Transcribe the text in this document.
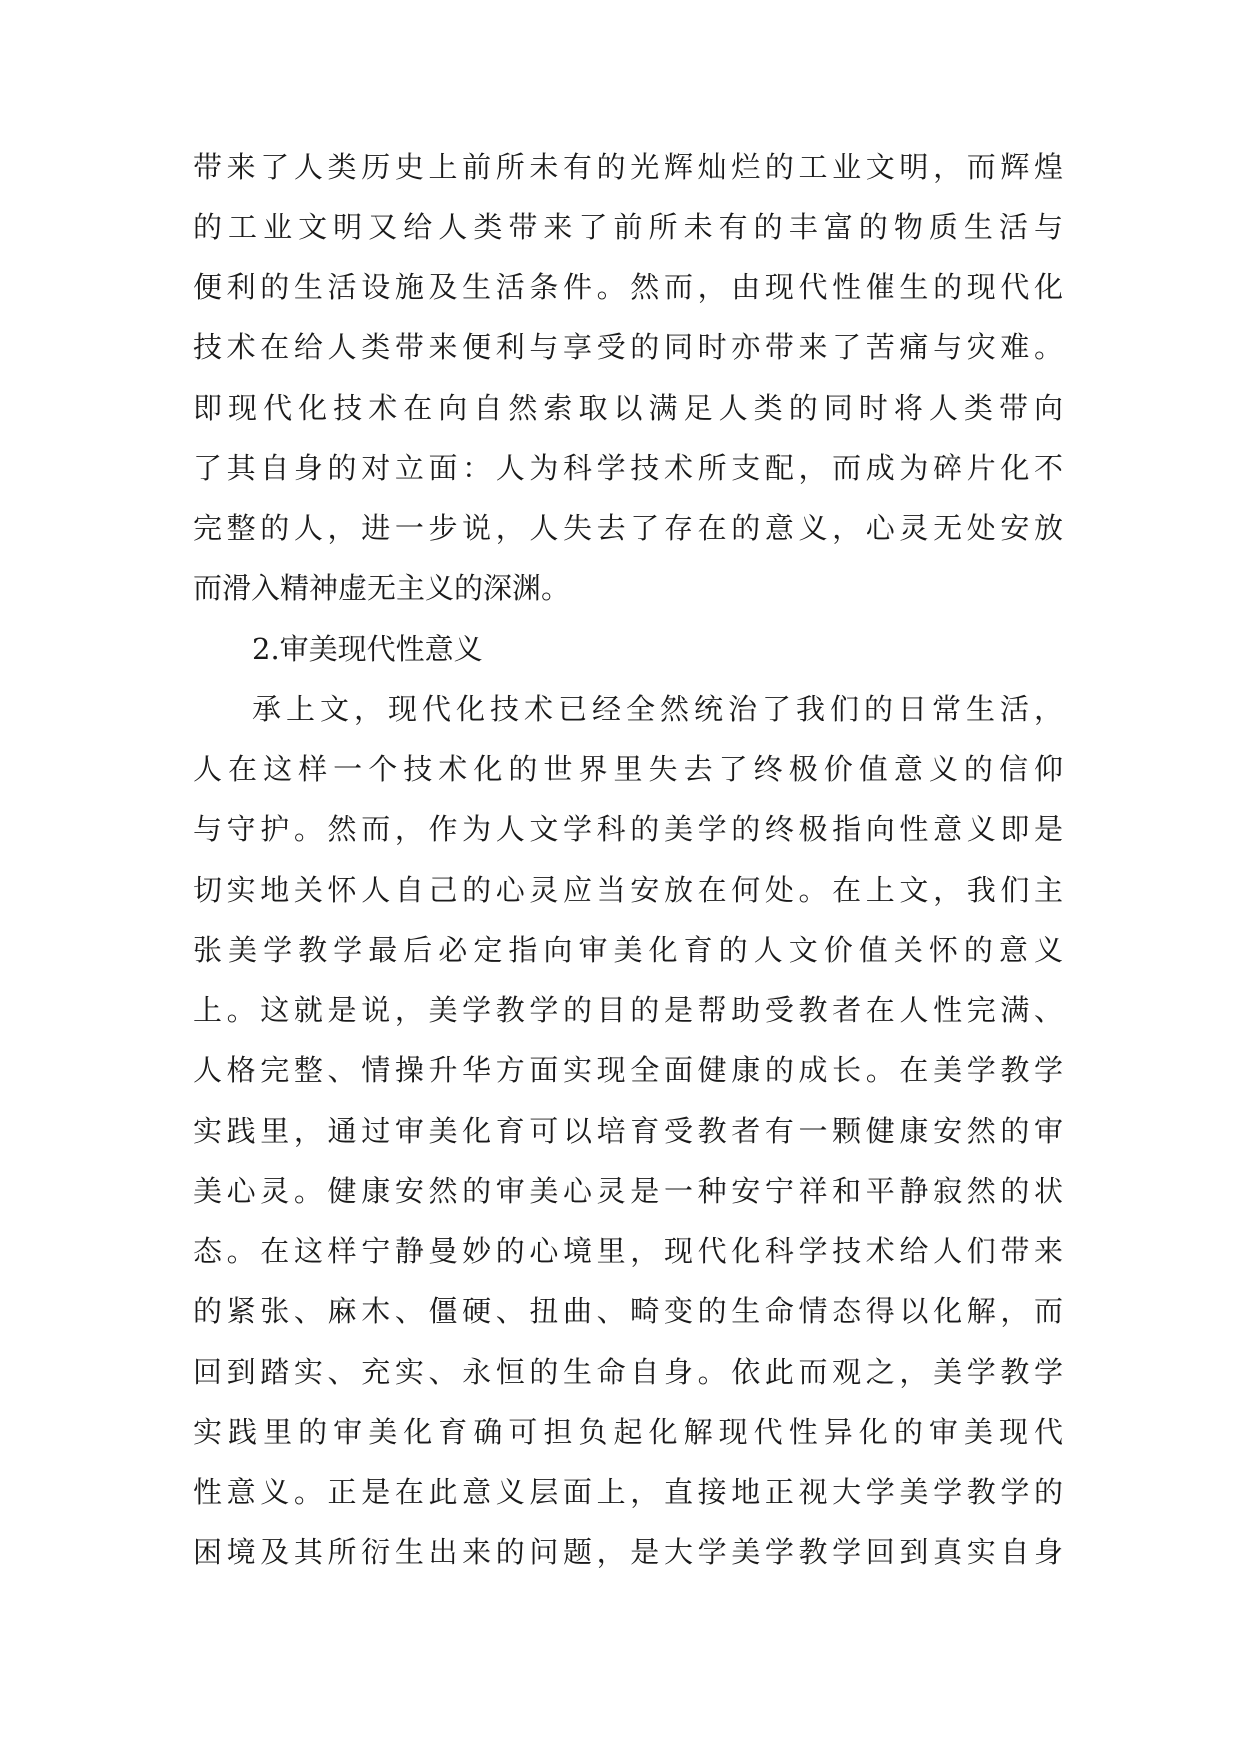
带来了人类历史上前所未有的光辉灿烂的工业文明，而辉煌
的工业文明又给人类带来了前所未有的丰富的物质生活与
便利的生活设施及生活条件。然而，由现代性催生的现代化
技术在给人类带来便利与享受的同时亦带来了苦痛与灾难。
即现代化技术在向自然索取以满足人类的同时将人类带向
了其自身的对立面：人为科学技术所支配，而成为碎片化不
完整的人，进一步说，人失去了存在的意义，心灵无处安放
而滑入精神虚无主义的深渊。
2.审美现代性意义
承上文，现代化技术已经全然统治了我们的日常生活，
人在这样一个技术化的世界里失去了终极价值意义的信仰
与守护。然而，作为人文学科的美学的终极指向性意义即是
切实地关怀人自己的心灵应当安放在何处。在上文，我们主
张美学教学最后必定指向审美化育的人文价值关怀的意义
上。这就是说，美学教学的目的是帮助受教者在人性完满、
人格完整、情操升华方面实现全面健康的成长。在美学教学
实践里，通过审美化育可以培育受教者有一颗健康安然的审
美心灵。健康安然的审美心灵是一种安宁祥和平静寂然的状
态。在这样宁静曼妙的心境里，现代化科学技术给人们带来
的紧张、麻木、僵硬、扭曲、畸变的生命情态得以化解，而
回到踏实、充实、永恒的生命自身。依此而观之，美学教学
实践里的审美化育确可担负起化解现代性异化的审美现代
性意义。正是在此意义层面上，直接地正视大学美学教学的
困境及其所衍生出来的问题，是大学美学教学回到真实自身
